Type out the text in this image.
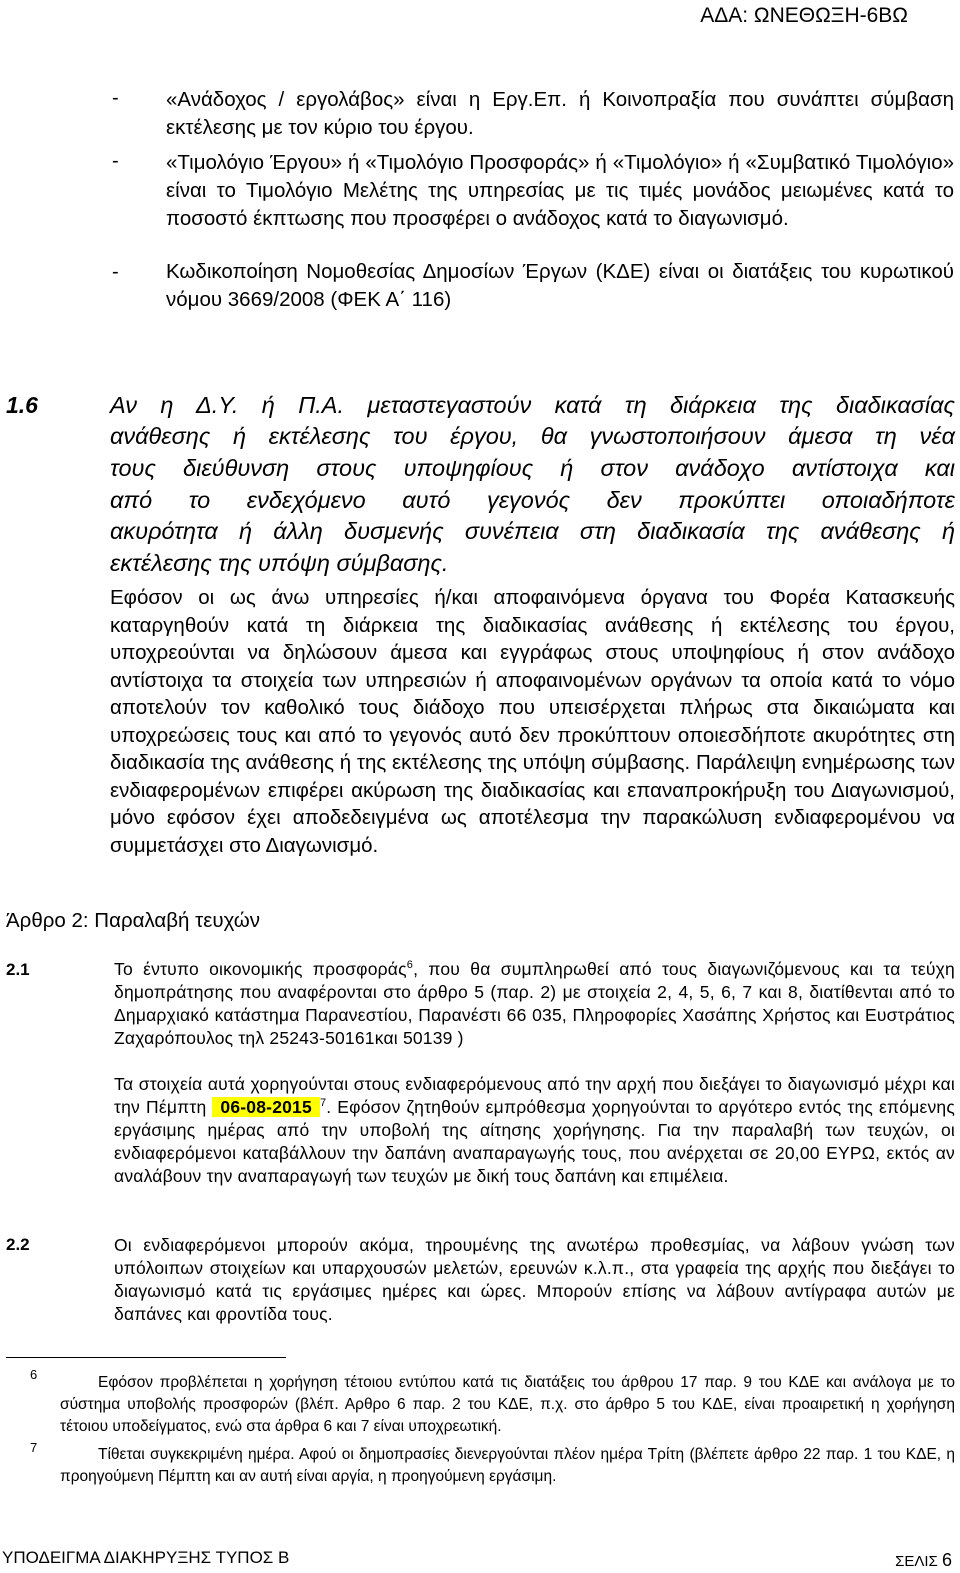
ΑΔΑ: ΩΝΕΘΩΞΗ-6ΒΩ
- «Ανάδοχος / εργολάβος» είναι η Εργ.Επ. ή Κοινοπραξία που συνάπτει σύμβαση εκτέλεσης με τον κύριο του έργου.
- «Τιμολόγιο Έργου» ή «Τιμολόγιο Προσφοράς» ή «Τιμολόγιο» ή «Συμβατικό Τιμολόγιο» είναι το Τιμολόγιο Μελέτης της υπηρεσίας με τις τιμές μονάδος μειωμένες κατά το ποσοστό έκπτωσης που προσφέρει ο ανάδοχος κατά το διαγωνισμό.
- Κωδικοποίηση Νομοθεσίας Δημοσίων Έργων (ΚΔΕ) είναι οι διατάξεις του κυρωτικού νόμου 3669/2008 (ΦΕΚ Α΄ 116)
1.6	Αν η Δ.Υ. ή Π.Α. μεταστεγαστούν κατά τη διάρκεια της διαδικασίας
ανάθεσης ή εκτέλεσης του έργου, θα γνωστοποιήσουν άμεσα τη νέα
τους διεύθυνση στους υποψηφίους ή στον ανάδοχο αντίστοιχα και
από το ενδεχόμενο αυτό γεγονός δεν προκύπτει οποιαδήποτε
ακυρότητα ή άλλη δυσμενής συνέπεια στη διαδικασία της ανάθεσης ή
εκτέλεσης της υπόψη σύμβασης.
Εφόσον οι ως άνω υπηρεσίες ή/και αποφαινόμενα όργανα του Φορέα Κατασκευής καταργηθούν κατά τη διάρκεια της διαδικασίας ανάθεσης ή εκτέλεσης του έργου, υποχρεούνται να δηλώσουν άμεσα και εγγράφως στους υποψηφίους ή στον ανάδοχο αντίστοιχα τα στοιχεία των υπηρεσιών ή αποφαινομένων οργάνων τα οποία κατά το νόμο αποτελούν τον καθολικό τους διάδοχο που υπεισέρχεται πλήρως στα δικαιώματα και υποχρεώσεις τους και από το γεγονός αυτό δεν προκύπτουν οποιεσδήποτε ακυρότητες στη διαδικασία της ανάθεσης ή της εκτέλεσης της υπόψη σύμβασης. Παράλειψη ενημέρωσης των ενδιαφερομένων επιφέρει ακύρωση της διαδικασίας και επαναπροκήρυξη του Διαγωνισμού, μόνο εφόσον έχει αποδεδειγμένα ως αποτέλεσμα την παρακώλυση ενδιαφερομένου να συμμετάσχει στο Διαγωνισμό.
Άρθρο 2: Παραλαβή τευχών
2.1	Το έντυπο οικονομικής προσφοράς$^6$, που θα συμπληρωθεί από τους διαγωνιζόμενους και τα τεύχη δημοπράτησης που αναφέρονται στο άρθρο 5 (παρ. 2) με στοιχεία 2, 4, 5, 6, 7 και 8, διατίθενται από το Δημαρχιακό κατάστημα Παρανεστίου, Παρανέστι 66 035, Πληροφορίες Χασάπης Χρήστος και Ευστράτιος Ζαχαρόπουλος τηλ 25243-50161και 50139 )
Τα στοιχεία αυτά χορηγούνται στους ενδιαφερόμενους από την αρχή που διεξάγει το διαγωνισμό μέχρι και την Πέμπτη 06-08-2015 $^7$. Εφόσον ζητηθούν εμπρόθεσμα χορηγούνται το αργότερο εντός της επόμενης εργάσιμης ημέρας από την υποβολή της αίτησης χορήγησης. Για την παραλαβή των τευχών, οι ενδιαφερόμενοι καταβάλλουν την δαπάνη αναπαραγωγής τους, που ανέρχεται σε 20,00 ΕΥΡΩ, εκτός αν αναλάβουν την αναπαραγωγή των τευχών με δική τους δαπάνη και επιμέλεια.
2.2	Οι ενδιαφερόμενοι μπορούν ακόμα, τηρουμένης της ανωτέρω προθεσμίας, να λάβουν γνώση των υπόλοιπων στοιχείων και υπαρχουσών μελετών, ερευνών κ.λ.π., στα γραφεία της αρχής που διεξάγει το διαγωνισμό κατά τις εργάσιμες ημέρες και ώρες. Μπορούν επίσης να λάβουν αντίγραφα αυτών με δαπάνες και φροντίδα τους.
6	Εφόσον προβλέπεται η χορήγηση τέτοιου εντύπου κατά τις διατάξεις του άρθρου 17 παρ. 9 του ΚΔΕ και ανάλογα με το σύστημα υποβολής προσφορών (βλέπ. Αρθρο 6 παρ. 2 του ΚΔΕ, π.χ. στο άρθρο 5 του ΚΔΕ, είναι προαιρετική η χορήγηση τέτοιου υποδείγματος, ενώ στα άρθρα 6 και 7 είναι υποχρεωτική.
7	Τίθεται συγκεκριμένη ημέρα. Αφού οι δημοπρασίες διενεργούνται πλέον ημέρα Τρίτη (βλέπετε άρθρο 22 παρ. 1 του ΚΔΕ, η προηγούμενη Πέμπτη και αν αυτή είναι αργία, η προηγούμενη εργάσιμη.
ΥΠΟΔΕΙΓΜΑ ΔΙΑΚΗΡΥΞΗΣ ΤΥΠΟΣ Β	ΣΕΛΙΣ 6
